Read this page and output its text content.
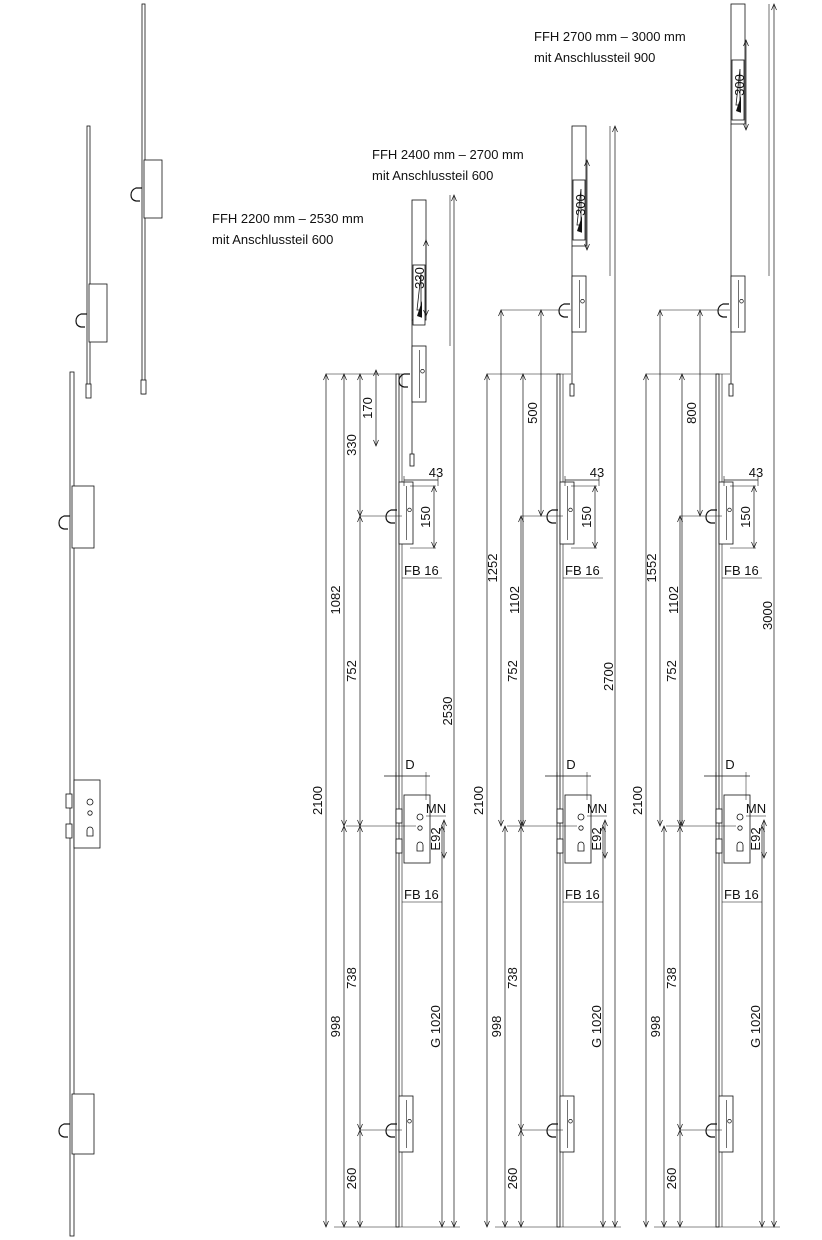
FFH 2200 mm – 2530 mm
mit Anschlussteil 600
FFH 2400 mm – 2700 mm
mit Anschlussteil 600
FFH 2700 mm – 3000 mm
mit Anschlussteil 900
2100
1082
170
330
330
752
2530
738
998
260
G 1020
43
150
FB 16
FB 16
D
MN
E92
2100
1252
1102
500
300
752	2700
738
998
260
G 1020
43
150
FB 16
FB 16
D
MN
E92
2100
1552
1102
800
300
752
3000
738
998
260
G 1020
43
150
FB 16
FB 16
D
MN
E92
